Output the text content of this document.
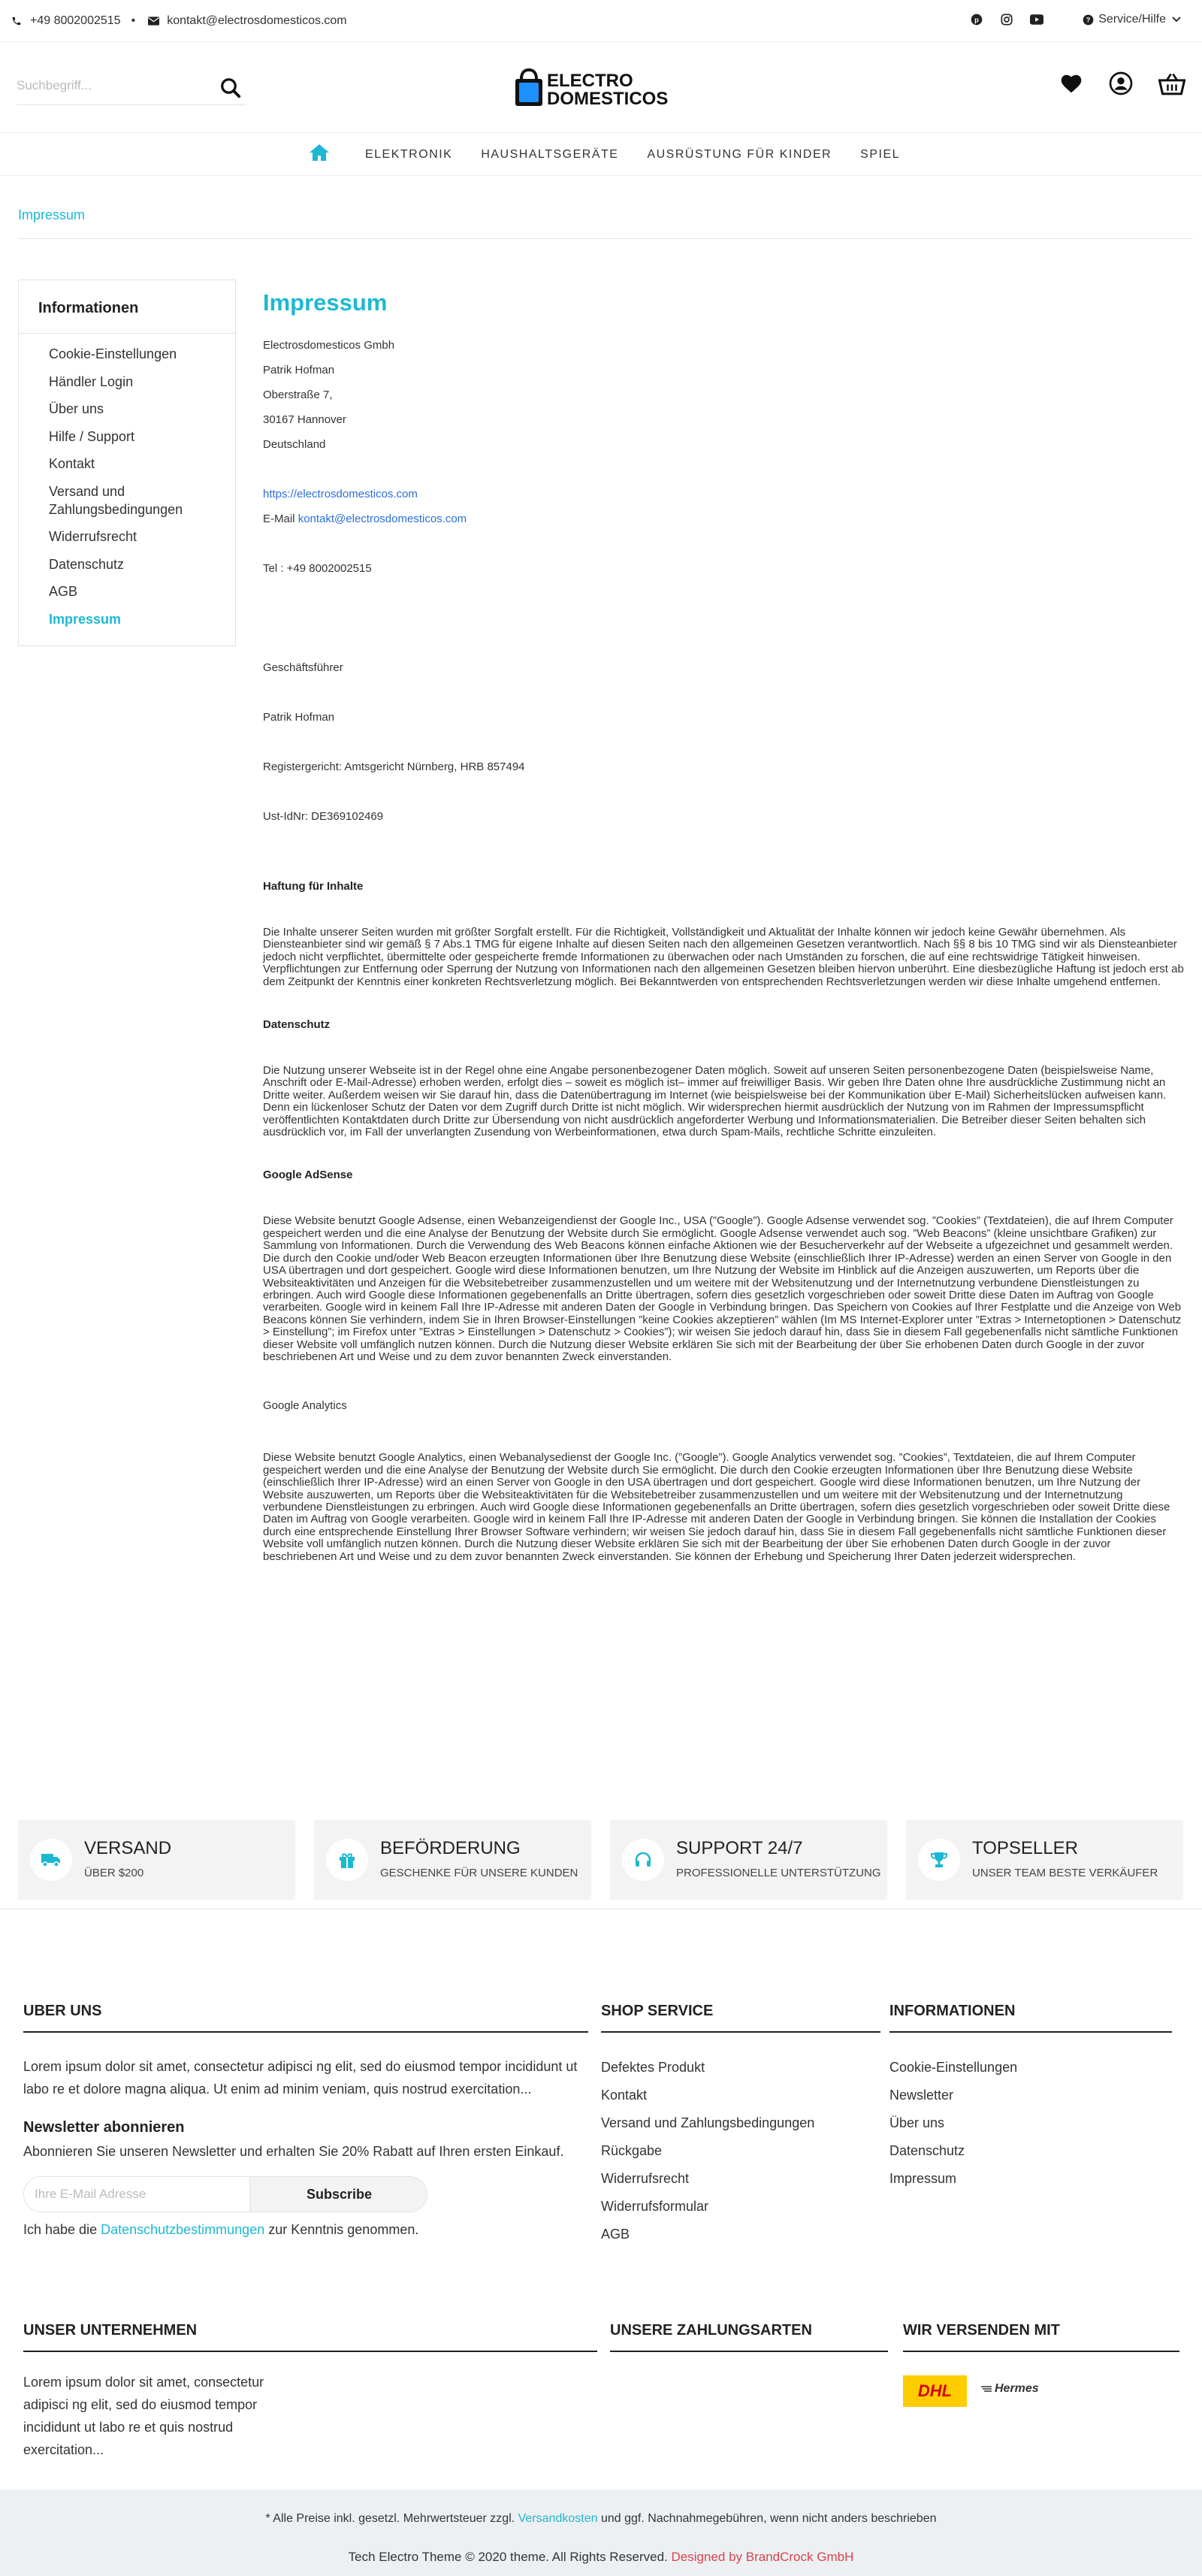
+49 8002002515 •	kontakt@electrosdomesticos.com	p	? Service/Hilfe
Suchbegriff...
ELECTRO
DOMESTICOS
ELEKTRONIK	HAUSHALTSGERÄTE	AUSRÜSTUNG FÜR KINDER	SPIEL
Impressum
Informationen
Cookie-Einstellungen
Händler Login
Über uns
Hilfe / Support
Kontakt
Versand und Zahlungsbedingungen
Widerrufsrecht
Datenschutz
AGB
Impressum
Impressum
Electrosdomesticos Gmbh
Patrik Hofman
Oberstraße 7,
30167 Hannover
Deutschland
https://electrosdomesticos.com
E-Mail kontakt@electrosdomesticos.com
Tel : +49 8002002515
Geschäftsführer
Patrik Hofman
Registergericht: Amtsgericht Nürnberg, HRB 857494
Ust-IdNr: DE369102469
Haftung für Inhalte

Die Inhalte unserer Seiten wurden mit größter Sorgfalt erstellt. Für die Richtigkeit, Vollständigkeit und Aktualität der Inhalte können wir jedoch keine Gewähr übernehmen. Als Diensteanbieter sind wir gemäß § 7 Abs.1 TMG für eigene Inhalte auf diesen Seiten nach den allgemeinen Gesetzen verantwortlich. Nach §§ 8 bis 10 TMG sind wir als Diensteanbieter jedoch nicht verpflichtet, übermittelte oder gespeicherte fremde Informationen zu überwachen oder nach Umständen zu forschen, die auf eine rechtswidrige Tätigkeit hinweisen. Verpflichtungen zur Entfernung oder Sperrung der Nutzung von Informationen nach den allgemeinen Gesetzen bleiben hiervon unberührt. Eine diesbezügliche Haftung ist jedoch erst ab dem Zeitpunkt der Kenntnis einer konkreten Rechtsverletzung möglich. Bei Bekanntwerden von entsprechenden Rechtsverletzungen werden wir diese Inhalte umgehend entfernen.

Datenschutz

Die Nutzung unserer Webseite ist in der Regel ohne eine Angabe personenbezogener Daten möglich. Soweit auf unseren Seiten personenbezogene Daten (beispielsweise Name, Anschrift oder E-Mail-Adresse) erhoben werden, erfolgt dies – soweit es möglich ist– immer auf freiwilliger Basis. Wir geben Ihre Daten ohne Ihre ausdrückliche Zustimmung nicht an Dritte weiter. Außerdem weisen wir Sie darauf hin, dass die Datenübertragung im Internet (wie beispielsweise bei der Kommunikation über E-Mail) Sicherheitslücken aufweisen kann. Denn ein lückenloser Schutz der Daten vor dem Zugriff durch Dritte ist nicht möglich. Wir widersprechen hiermit ausdrücklich der Nutzung von im Rahmen der Impressumspflicht veröffentlichten Kontaktdaten durch Dritte zur Übersendung von nicht ausdrücklich angeforderter Werbung und Informationsmaterialien. Die Betreiber dieser Seiten behalten sich ausdrücklich vor, im Fall der unverlangten Zusendung von Werbeinformationen, etwa durch Spam-Mails, rechtliche Schritte einzuleiten.

Google AdSense

Diese Website benutzt Google Adsense, einen Webanzeigendienst der Google Inc., USA (”Google”). Google Adsense verwendet sog. ”Cookies” (Textdateien), die auf Ihrem Computer gespeichert werden und die eine Analyse der Benutzung der Website durch Sie ermöglicht. Google Adsense verwendet auch sog. ”Web Beacons” (kleine unsichtbare Grafiken) zur Sammlung von Informationen. Durch die Verwendung des Web Beacons können einfache Aktionen wie der Besucherverkehr auf der Webseite a ufgezeichnet und gesammelt werden. Die durch den Cookie und/oder Web Beacon erzeugten Informationen über Ihre Benutzung diese Website (einschließlich Ihrer IP-Adresse) werden an einen Server von Google in den USA übertragen und dort gespeichert. Google wird diese Informationen benutzen, um Ihre Nutzung der Website im Hinblick auf die Anzeigen auszuwerten, um Reports über die Websiteaktivitäten und Anzeigen für die Websitebetreiber zusammenzustellen und um weitere mit der Websitenutzung und der Internetnutzung verbundene Dienstleistungen zu erbringen. Auch wird Google diese Informationen gegebenenfalls an Dritte übertragen, sofern dies gesetzlich vorgeschrieben oder soweit Dritte diese Daten im Auftrag von Google verarbeiten. Google wird in keinem Fall Ihre IP-Adresse mit anderen Daten der Google in Verbindung bringen. Das Speichern von Cookies auf Ihrer Festplatte und die Anzeige von Web Beacons können Sie verhindern, indem Sie in Ihren Browser-Einstellungen ”keine Cookies akzeptieren” wählen (Im MS Internet-Explorer unter ”Extras > Internetoptionen > Datenschutz > Einstellung”; im Firefox unter ”Extras > Einstellungen > Datenschutz > Cookies”); wir weisen Sie jedoch darauf hin, dass Sie in diesem Fall gegebenenfalls nicht sämtliche Funktionen dieser Website voll umfänglich nutzen können. Durch die Nutzung dieser Website erklären Sie sich mit der Bearbeitung der über Sie erhobenen Daten durch Google in der zuvor beschriebenen Art und Weise und zu dem zuvor benannten Zweck einverstanden.

Google Analytics

Diese Website benutzt Google Analytics, einen Webanalysedienst der Google Inc. (”Google”). Google Analytics verwendet sog. ”Cookies”, Textdateien, die auf Ihrem Computer gespeichert werden und die eine Analyse der Benutzung der Website durch Sie ermöglicht. Die durch den Cookie erzeugten Informationen über Ihre Benutzung diese Website (einschließlich Ihrer IP-Adresse) wird an einen Server von Google in den USA übertragen und dort gespeichert. Google wird diese Informationen benutzen, um Ihre Nutzung der Website auszuwerten, um Reports über die Websiteaktivitäten für die Websitebetreiber zusammenzustellen und um weitere mit der Websitenutzung und der Internetnutzung verbundene Dienstleistungen zu erbringen. Auch wird Google diese Informationen gegebenenfalls an Dritte übertragen, sofern dies gesetzlich vorgeschrieben oder soweit Dritte diese Daten im Auftrag von Google verarbeiten. Google wird in keinem Fall Ihre IP-Adresse mit anderen Daten der Google in Verbindung bringen. Sie können die Installation der Cookies durch eine entsprechende Einstellung Ihrer Browser Software verhindern; wir weisen Sie jedoch darauf hin, dass Sie in diesem Fall gegebenenfalls nicht sämtliche Funktionen dieser Website voll umfänglich nutzen können. Durch die Nutzung dieser Website erklären Sie sich mit der Bearbeitung der über Sie erhobenen Daten durch Google in der zuvor beschriebenen Art und Weise und zu dem zuvor benannten Zweck einverstanden. Sie können der Erhebung und Speicherung Ihrer Daten jederzeit widersprechen.

VERSAND
ÜBER $200
BEFÖRDERUNG
GESCHENKE FÜR UNSERE KUNDEN
SUPPORT 24/7
PROFESSIONELLE UNTERSTÜTZUNG
TOPSELLER
UNSER TEAM BESTE VERKÄUFER
UBER UNS
Lorem ipsum dolor sit amet, consectetur adipisci ng elit, sed do eiusmod tempor incididunt ut labo re et dolore magna aliqua. Ut enim ad minim veniam, quis nostrud exercitation...
Newsletter abonnieren
Abonnieren Sie unseren Newsletter und erhalten Sie 20% Rabatt auf Ihren ersten Einkauf.
Ihre E-Mail Adresse
Subscribe
Ich habe die Datenschutzbestimmungen zur Kenntnis genommen.
SHOP SERVICE
Defektes Produkt
Kontakt
Versand und Zahlungsbedingungen
Rückgabe
Widerrufsrecht
Widerrufsformular
AGB
INFORMATIONEN
Cookie-Einstellungen
Newsletter
Über uns
Datenschutz
Impressum
UNSER UNTERNEHMEN
Lorem ipsum dolor sit amet, consectetur adipisci ng elit, sed do eiusmod tempor incididunt ut labo re et quis nostrud exercitation...
UNSERE ZAHLUNGSARTEN	WIR VERSENDEN MIT
DHL	Hermes
* Alle Preise inkl. gesetzl. Mehrwertsteuer zzgl. Versandkosten und ggf. Nachnahmegebühren, wenn nicht anders beschrieben
Tech Electro Theme © 2020 theme. All Rights Reserved. Designed by BrandCrock GmbH
